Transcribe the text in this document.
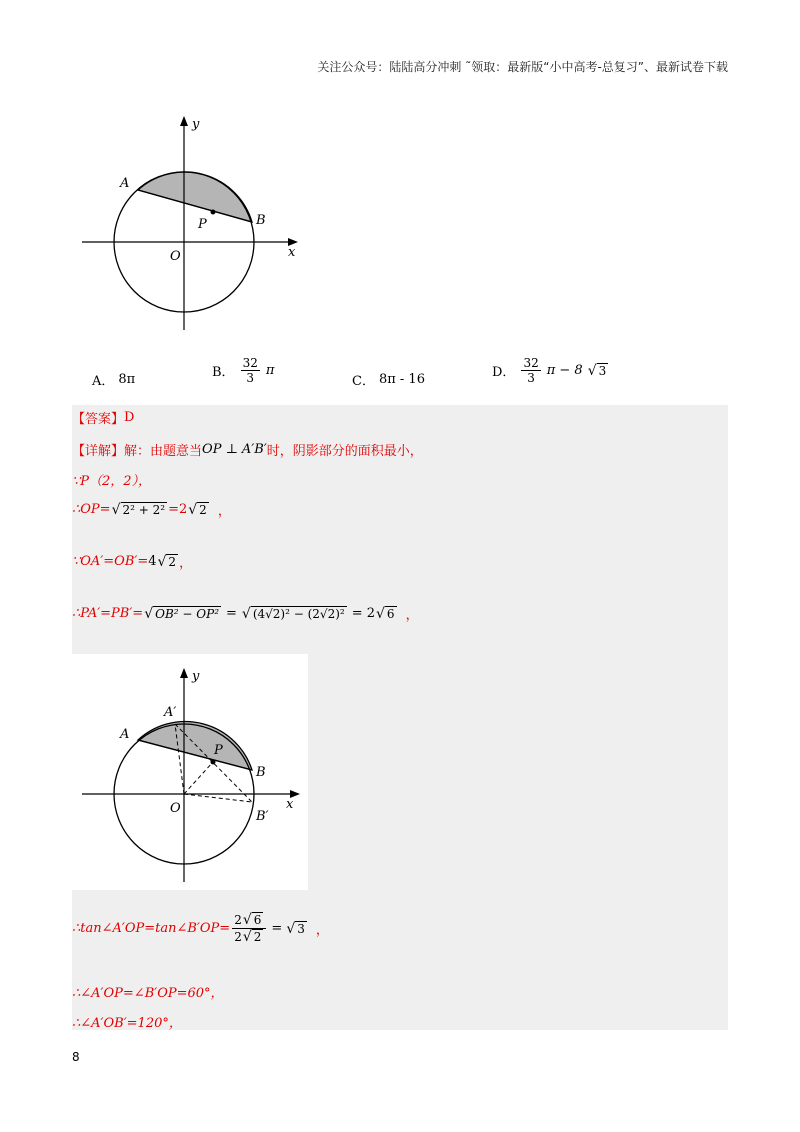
关注公众号：陆陆高分冲刺 ˜领取：最新版“小中高考-总复习”、最新试卷下载
y
x
A
B
P
O
A． 8π	B． $\frac{32}{3}$ π
C． 8π - 16	D． $\frac{32}{3}$ π − 8 √ 3
【答案】 D
【详解】 解：由题意当 OP ⊥ A′B′ 时，阴影部分的面积最小，
∵P（2，2），
∴OP= √ 2² + 2² =2 √ 2 ，
∵OA′=OB′= 4 √ 2 ，
∴PA′=PB′= √ OB² − OP² = √ (4√2)² − (2√2)² = 2 √ 6 ，
y
x
A
A′
B
B′
P
O
∴tan∠A′OP=tan∠B′OP= $\frac{2 √ 6}{2 √ 2}$ = √ 3 ，
∴∠A′OP=∠B′OP=60°，
∴∠A′OB′=120°，
8
